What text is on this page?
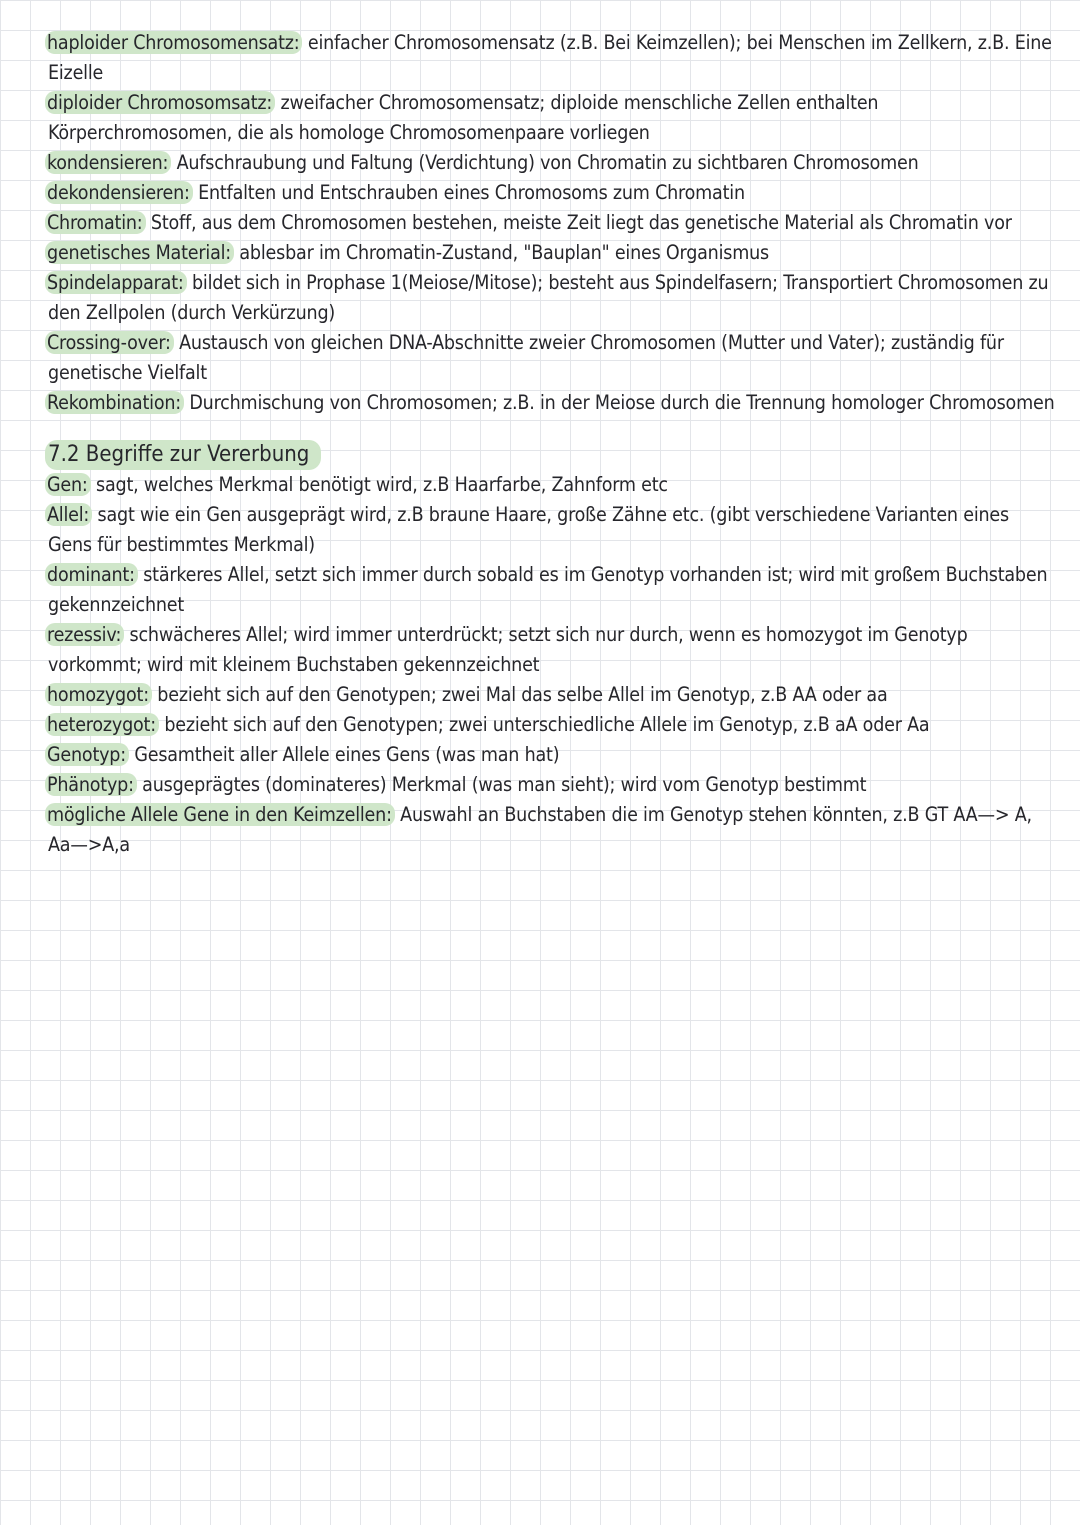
haploider Chromosomensatz: einfacher Chromosomensatz (z.B. Bei Keimzellen); bei Menschen im Zellkern, z.B. Eine Eizelle

diploider Chromosomsatz: zweifacher Chromosomensatz; diploide menschliche Zellen enthalten Körperchromosomen, die als homologe Chromosomenpaare vorliegen

kondensieren: Aufschraubung und Faltung (Verdichtung) von Chromatin zu sichtbaren Chromosomen

dekondensieren: Entfalten und Entschrauben eines Chromosoms zum Chromatin

Chromatin: Stoff, aus dem Chromosomen bestehen, meiste Zeit liegt das genetische Material als Chromatin vor

genetisches Material: ablesbar im Chromatin-Zustand, "Bauplan" eines Organismus

Spindelapparat: bildet sich in Prophase 1(Meiose/Mitose); besteht aus Spindelfasern; Transportiert Chromosomen zu den Zellpolen (durch Verkürzung)

Crossing-over: Austausch von gleichen DNA-Abschnitte zweier Chromosomen (Mutter und Vater); zuständig für genetische Vielfalt

Rekombination: Durchmischung von Chromosomen; z.B. in der Meiose durch die Trennung homologer Chromosomen

7.2 Begriffe zur Vererbung

Gen: sagt, welches Merkmal benötigt wird, z.B Haarfarbe, Zahnform etc

Allel: sagt wie ein Gen ausgeprägt wird, z.B braune Haare, große Zähne etc. (gibt verschiedene Varianten eines Gens für bestimmtes Merkmal)

dominant: stärkeres Allel, setzt sich immer durch sobald es im Genotyp vorhanden ist; wird mit großem Buchstaben gekennzeichnet

rezessiv: schwächeres Allel; wird immer unterdrückt; setzt sich nur durch, wenn es homozygot im Genotyp vorkommt; wird mit kleinem Buchstaben gekennzeichnet

homozygot: bezieht sich auf den Genotypen; zwei Mal das selbe Allel im Genotyp, z.B AA oder aa

heterozygot: bezieht sich auf den Genotypen; zwei unterschiedliche Allele im Genotyp, z.B aA oder Aa

Genotyp: Gesamtheit aller Allele eines Gens (was man hat)

Phänotyp: ausgeprägtes (dominateres) Merkmal (was man sieht); wird vom Genotyp bestimmt

mögliche Allele Gene in den Keimzellen: Auswahl an Buchstaben die im Genotyp stehen könnten, z.B GT AA—> A, Aa—>A,a
